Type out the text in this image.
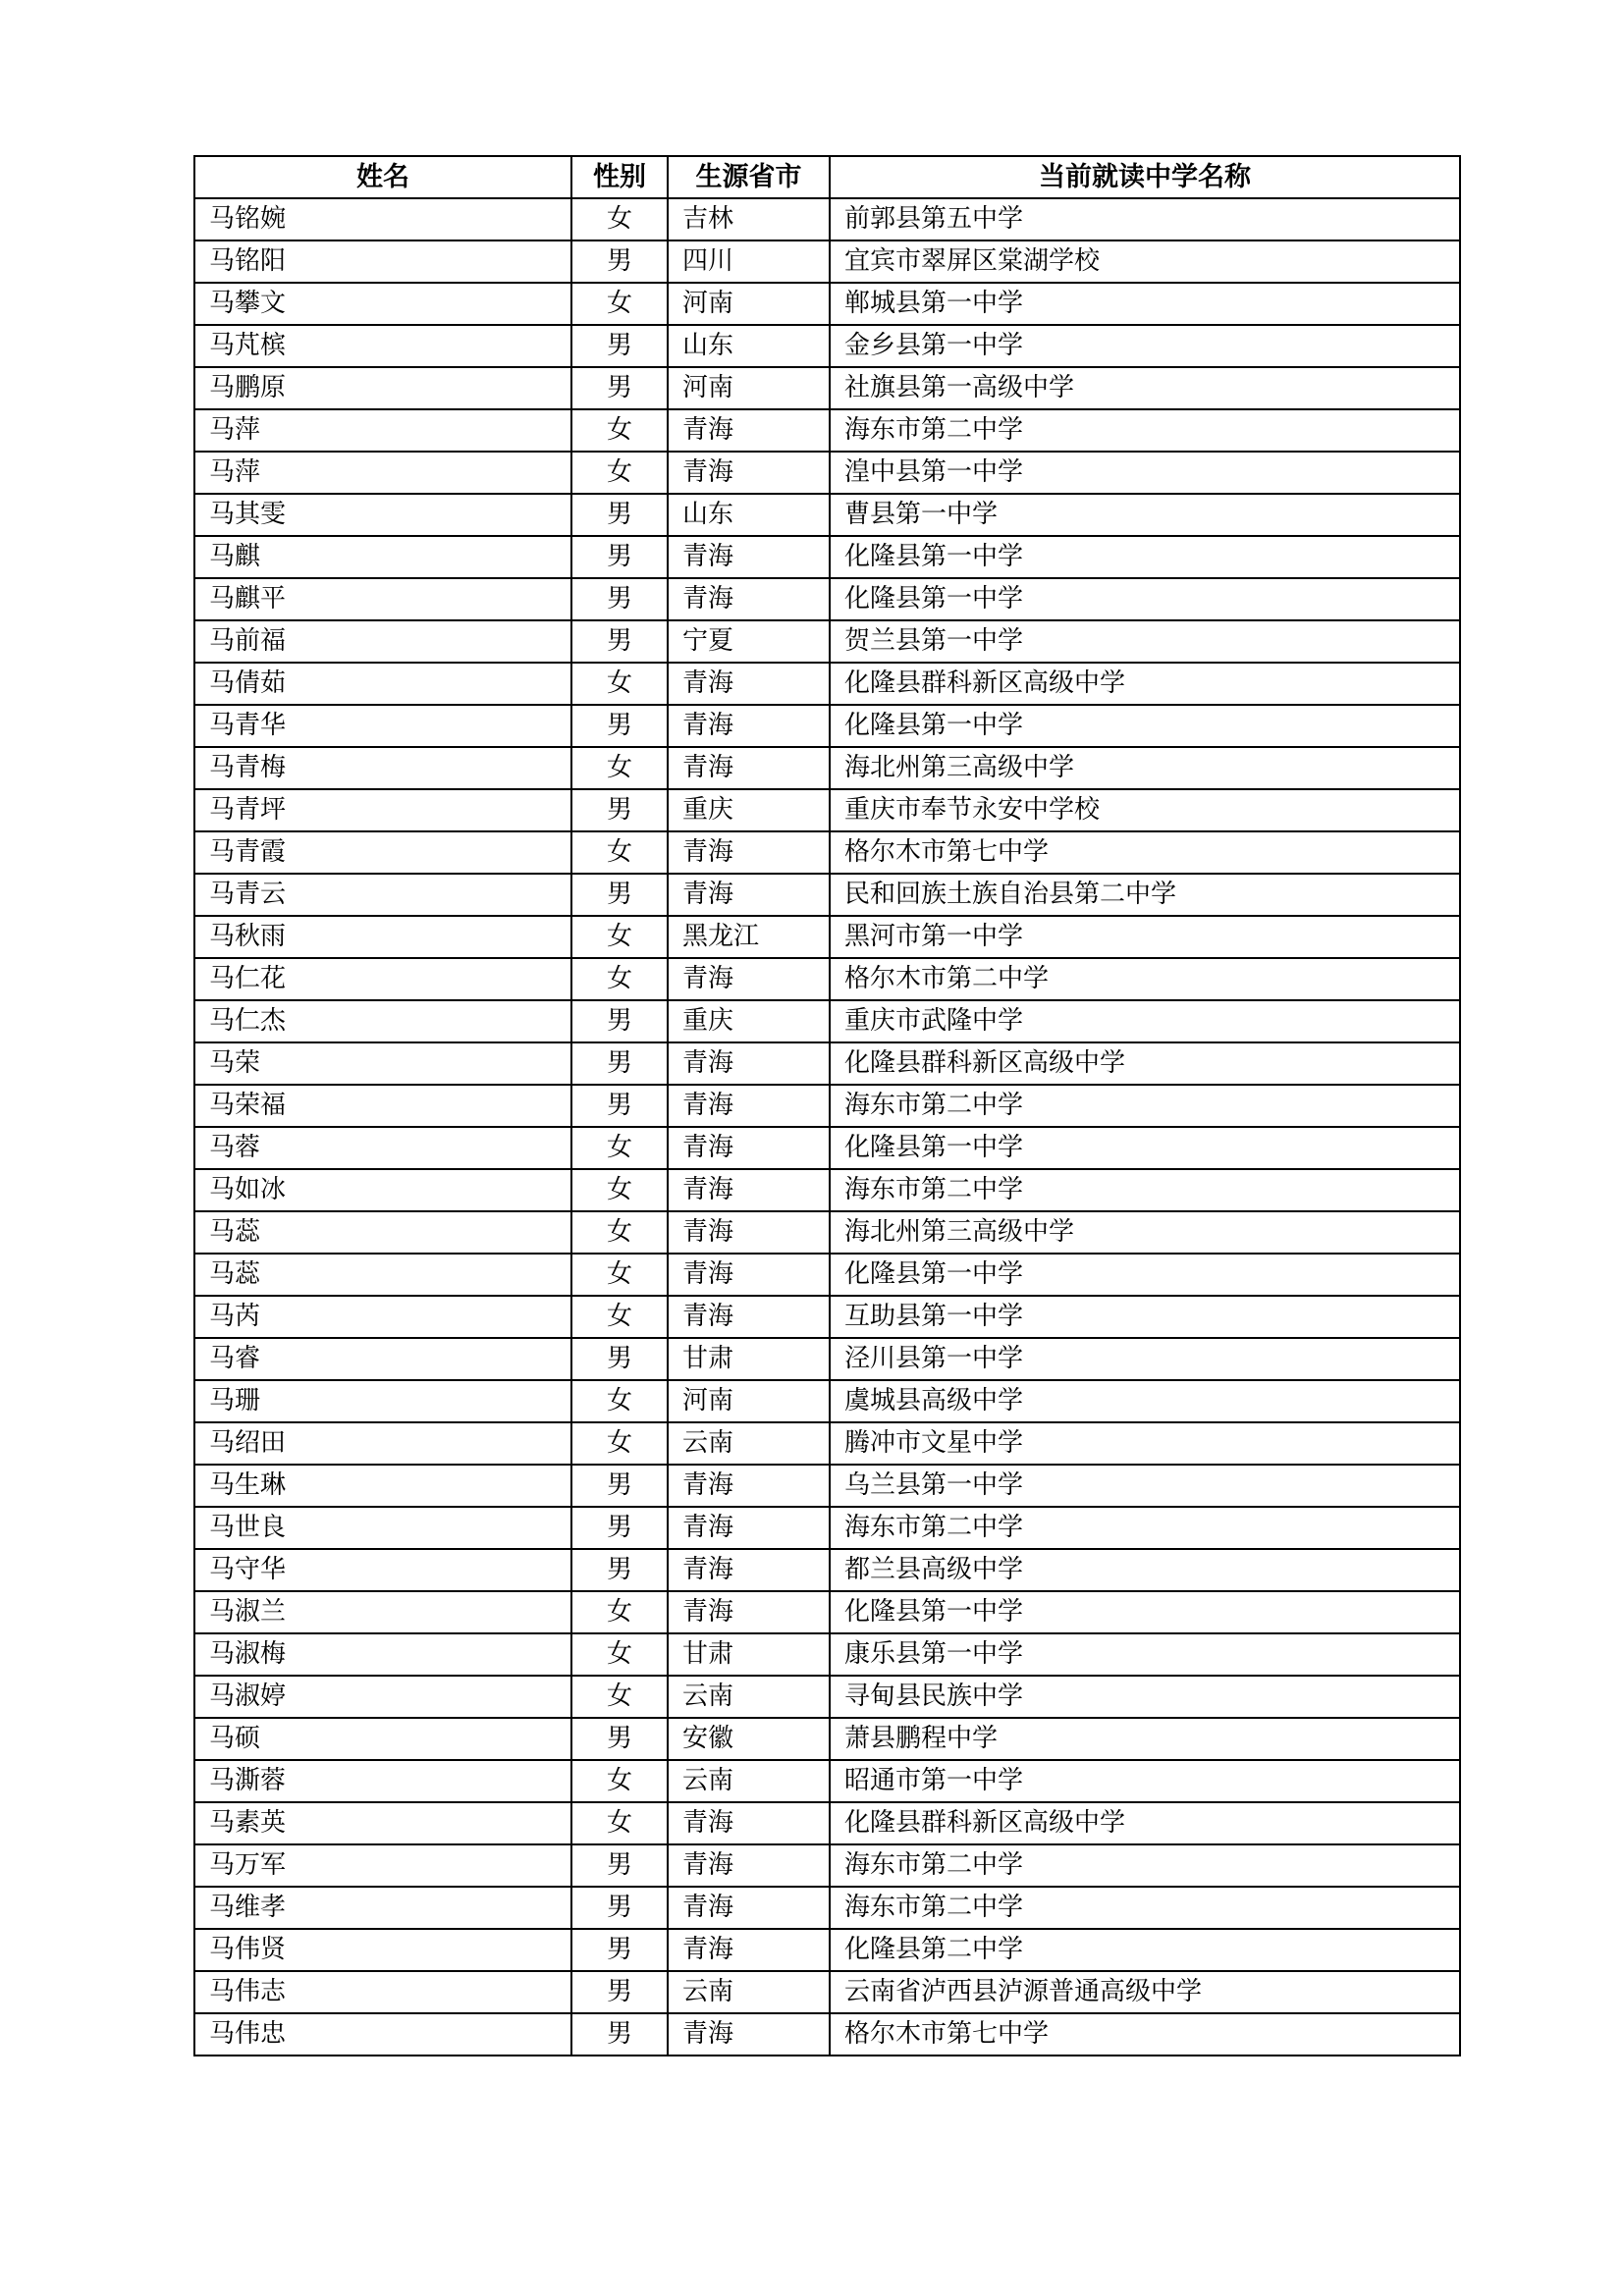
姓名	性别	生源省市	当前就读中学名称
马铭婉	女	吉林	前郭县第五中学
马铭阳	男	四川	宜宾市翠屏区棠湖学校
马攀文	女	河南	郸城县第一中学
马芃槟	男	山东	金乡县第一中学
马鹏原	男	河南	社旗县第一高级中学
马萍	女	青海	海东市第二中学
马萍	女	青海	湟中县第一中学
马其雯	男	山东	曹县第一中学
马麒	男	青海	化隆县第一中学
马麒平	男	青海	化隆县第一中学
马前福	男	宁夏	贺兰县第一中学
马倩茹	女	青海	化隆县群科新区高级中学
马青华	男	青海	化隆县第一中学
马青梅	女	青海	海北州第三高级中学
马青坪	男	重庆	重庆市奉节永安中学校
马青霞	女	青海	格尔木市第七中学
马青云	男	青海	民和回族土族自治县第二中学
马秋雨	女	黑龙江	黑河市第一中学
马仁花	女	青海	格尔木市第二中学
马仁杰	男	重庆	重庆市武隆中学
马荣	男	青海	化隆县群科新区高级中学
马荣福	男	青海	海东市第二中学
马蓉	女	青海	化隆县第一中学
马如冰	女	青海	海东市第二中学
马蕊	女	青海	海北州第三高级中学
马蕊	女	青海	化隆县第一中学
马芮	女	青海	互助县第一中学
马睿	男	甘肃	泾川县第一中学
马珊	女	河南	虞城县高级中学
马绍田	女	云南	腾冲市文星中学
马生琳	男	青海	乌兰县第一中学
马世良	男	青海	海东市第二中学
马守华	男	青海	都兰县高级中学
马淑兰	女	青海	化隆县第一中学
马淑梅	女	甘肃	康乐县第一中学
马淑婷	女	云南	寻甸县民族中学
马硕	男	安徽	萧县鹏程中学
马澌蓉	女	云南	昭通市第一中学
马素英	女	青海	化隆县群科新区高级中学
马万军	男	青海	海东市第二中学
马维孝	男	青海	海东市第二中学
马伟贤	男	青海	化隆县第二中学
马伟志	男	云南	云南省泸西县泸源普通高级中学
马伟忠	男	青海	格尔木市第七中学
